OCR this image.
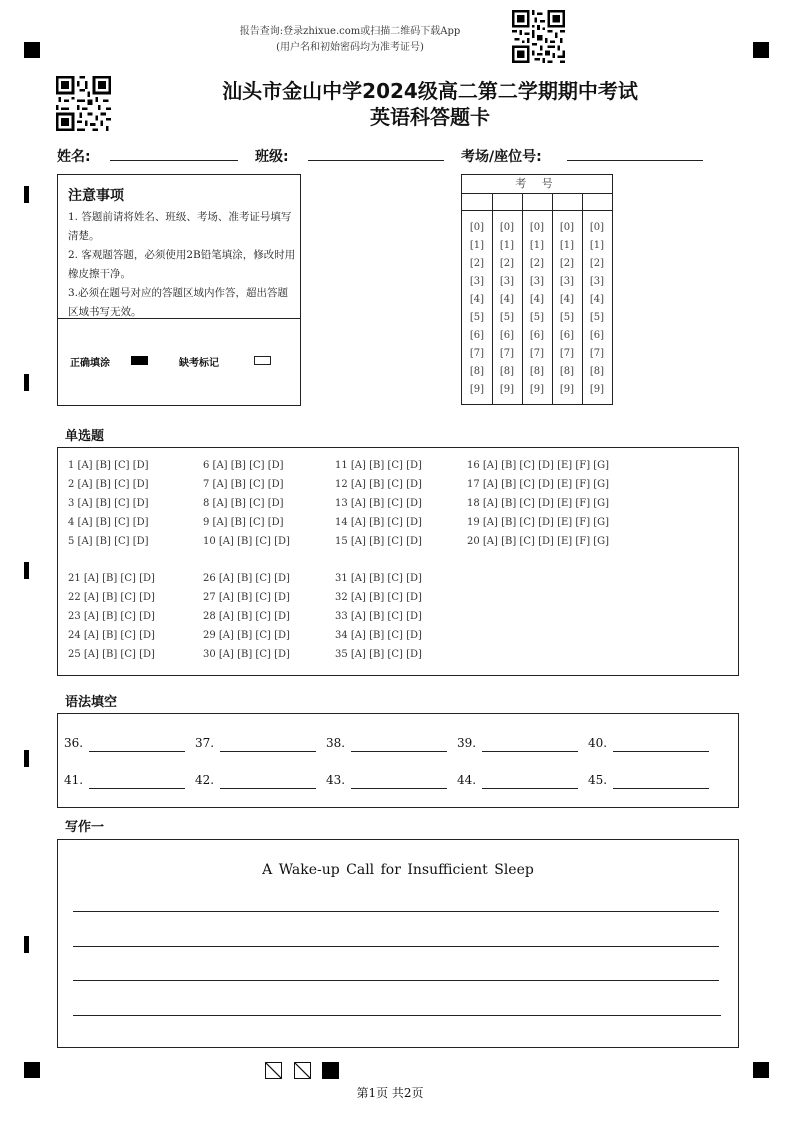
报告查询:登录zhixue.com或扫描二维码下载App
(用户名和初始密码均为准考证号)
汕头市金山中学2024级高二第二学期期中考试
英语科答题卡
姓名:	班级:	考场/座位号:
注意事项
1. 答题前请将姓名、班级、考场、准考证号填写清楚。
2. 客观题答题，必须使用2B铅笔填涂，修改时用橡皮擦干净。
3.必须在题号对应的答题区域内作答，超出答题区域书写无效。
正确填涂	缺考标记
考 号
[0]	[0]	[0]	[0]	[0]
[1]	[1]	[1]	[1]	[1]
[2]	[2]	[2]	[2]	[2]
[3]	[3]	[3]	[3]	[3]
[4]	[4]	[4]	[4]	[4]
[5]	[5]	[5]	[5]	[5]
[6]	[6]	[6]	[6]	[6]
[7]	[7]	[7]	[7]	[7]
[8]	[8]	[8]	[8]	[8]
[9]	[9]	[9]	[9]	[9]
单选题
1 [A] [B] [C] [D]
2 [A] [B] [C] [D]
3 [A] [B] [C] [D]
4 [A] [B] [C] [D]
5 [A] [B] [C] [D]
6 [A] [B] [C] [D]
7 [A] [B] [C] [D]
8 [A] [B] [C] [D]
9 [A] [B] [C] [D]
10 [A] [B] [C] [D]
11 [A] [B] [C] [D]
12 [A] [B] [C] [D]
13 [A] [B] [C] [D]
14 [A] [B] [C] [D]
15 [A] [B] [C] [D]
16 [A] [B] [C] [D] [E] [F] [G]
17 [A] [B] [C] [D] [E] [F] [G]
18 [A] [B] [C] [D] [E] [F] [G]
19 [A] [B] [C] [D] [E] [F] [G]
20 [A] [B] [C] [D] [E] [F] [G]
21 [A] [B] [C] [D]
22 [A] [B] [C] [D]
23 [A] [B] [C] [D]
24 [A] [B] [C] [D]
25 [A] [B] [C] [D]
26 [A] [B] [C] [D]
27 [A] [B] [C] [D]
28 [A] [B] [C] [D]
29 [A] [B] [C] [D]
30 [A] [B] [C] [D]
31 [A] [B] [C] [D]
32 [A] [B] [C] [D]
33 [A] [B] [C] [D]
34 [A] [B] [C] [D]
35 [A] [B] [C] [D]
语法填空
36.	37.	38.	39.	40.
41.	42.	43.	44.	45.
写作一
A Wake-up Call for Insufficient Sleep
第1页 共2页
